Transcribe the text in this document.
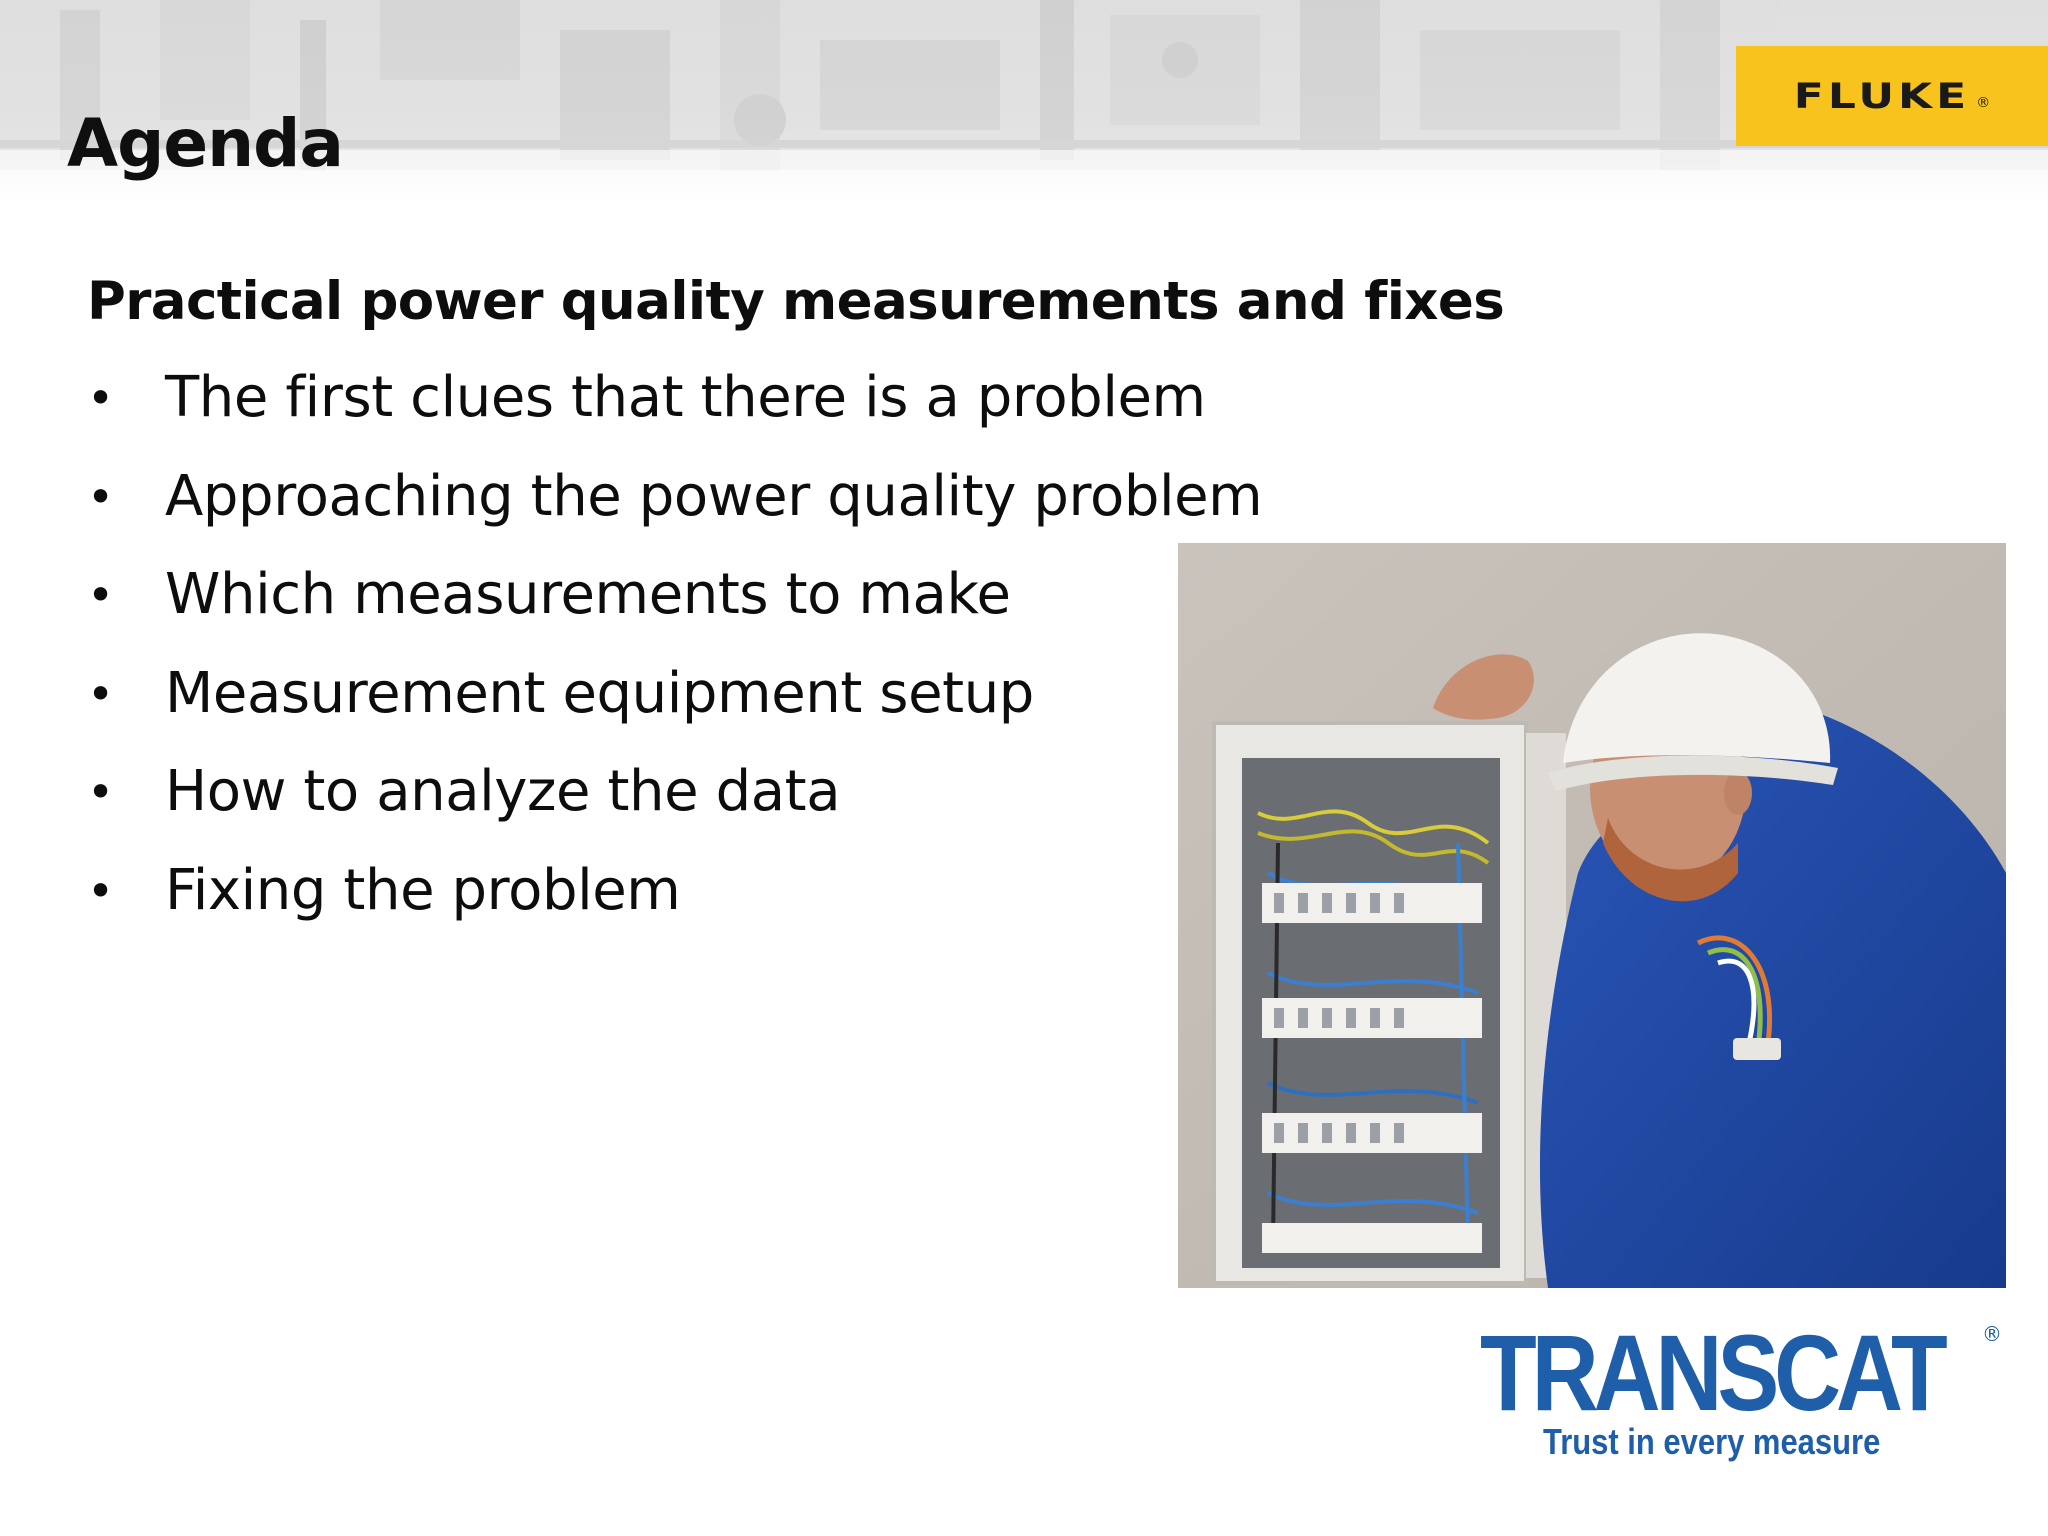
Agenda
FLUKE ®

Practical power quality measurements and fixes

• The first clues that there is a problem
• Approaching the power quality problem
• Which measurements to make
• Measurement equipment setup
• How to analyze the data
• Fixing the problem
TRANSCAT ®
Trust in every measure
